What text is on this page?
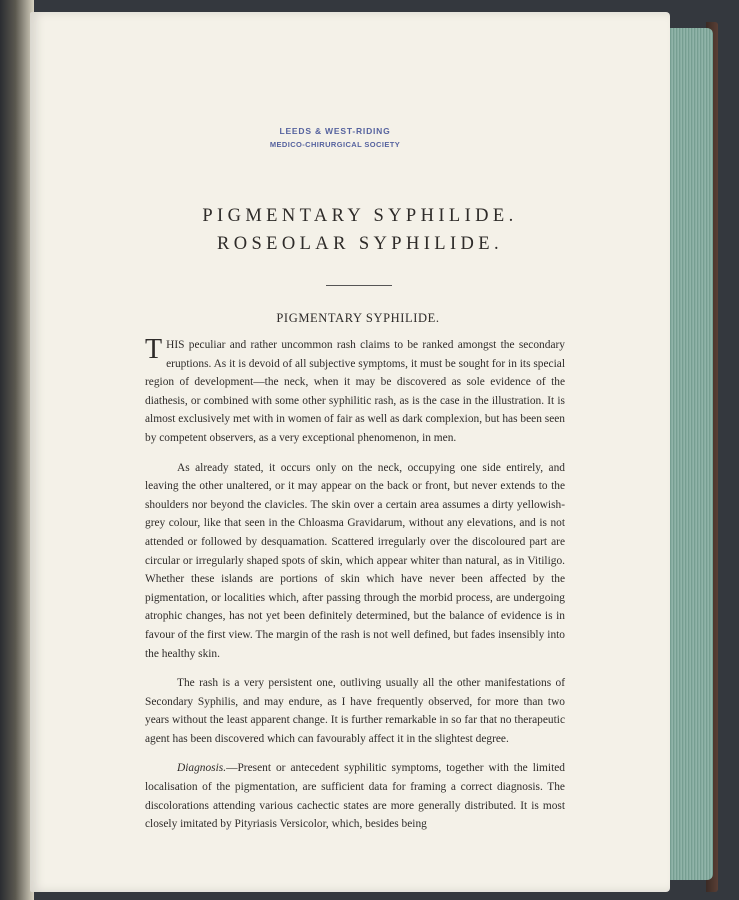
LEEDS & WEST-RIDING
MEDICO-CHIRURGICAL SOCIETY
PIGMENTARY SYPHILIDE.
ROSEOLAR SYPHILIDE.
PIGMENTARY SYPHILIDE.

THIS peculiar and rather uncommon rash claims to be ranked amongst the secondary eruptions. As it is devoid of all subjective symptoms, it must be sought for in its special region of development—the neck, when it may be discovered as sole evidence of the diathesis, or combined with some other syphilitic rash, as is the case in the illustration. It is almost exclusively met with in women of fair as well as dark complexion, but has been seen by competent observers, as a very exceptional phenomenon, in men.

As already stated, it occurs only on the neck, occupying one side entirely, and leaving the other unaltered, or it may appear on the back or front, but never extends to the shoulders nor beyond the clavicles. The skin over a certain area assumes a dirty yellowish-grey colour, like that seen in the Chloasma Gravidarum, without any elevations, and is not attended or followed by desquamation. Scattered irregularly over the discoloured part are circular or irregularly shaped spots of skin, which appear whiter than natural, as in Vitiligo. Whether these islands are portions of skin which have never been affected by the pigmentation, or localities which, after passing through the morbid process, are undergoing atrophic changes, has not yet been definitely determined, but the balance of evidence is in favour of the first view. The margin of the rash is not well defined, but fades insensibly into the healthy skin.

The rash is a very persistent one, outliving usually all the other manifestations of Secondary Syphilis, and may endure, as I have frequently observed, for more than two years without the least apparent change. It is further remarkable in so far that no therapeutic agent has been discovered which can favourably affect it in the slightest degree.

Diagnosis.—Present or antecedent syphilitic symptoms, together with the limited localisation of the pigmentation, are sufficient data for framing a correct diagnosis. The discolorations attending various cachectic states are more generally distributed. It is most closely imitated by Pityriasis Versicolor, which, besides being
